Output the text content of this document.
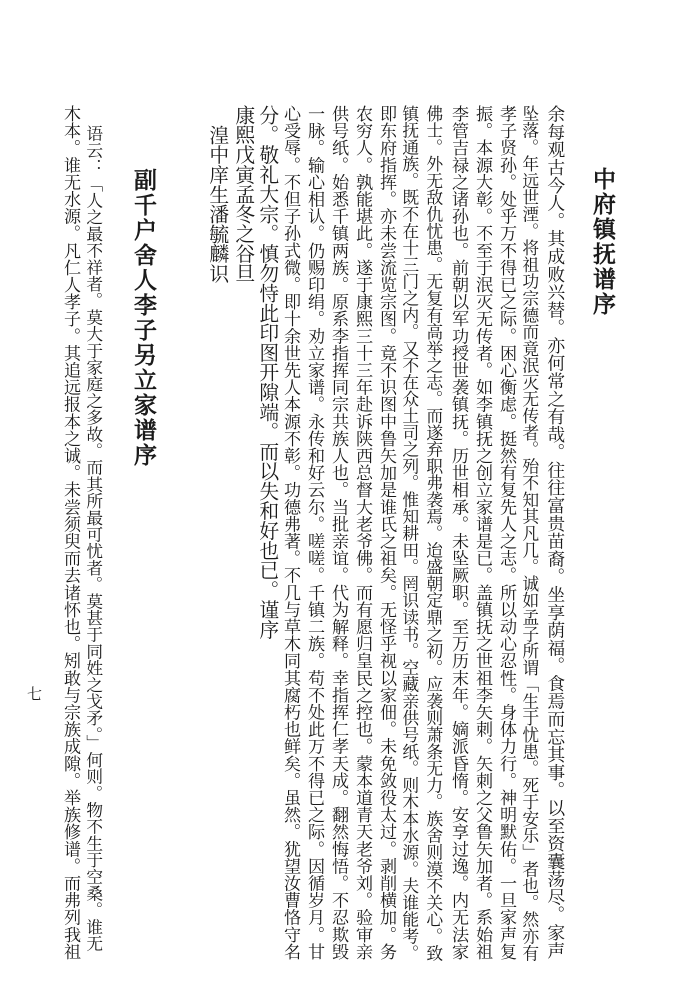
中府镇抚谱序
余每观古今人。其成败兴替。亦何常之有哉。往往富贵苗裔。坐享荫福。食焉而忘其事。以至资囊荡尽。家声
坠落。年远世湮。将祖功宗德而竟泯灭无传者。殆不知其凡几。诚如孟子所谓「生于忧患。死于安乐」者也。然亦有
孝子贤孙。处乎万不得已之际。困心衡虑。挺然有复先人之志。所以动心忍性。身体力行。神明默佑。一旦家声复
振。本源大彰。不至于泯灭无传者。如李镇抚之创立家谱是已。盖镇抚之世祖李矢刺。矢刺之父鲁矢加者。系始祖
李管吉禄之诸孙也。前朝以军功授世袭镇抚。历世相承。未坠厥职。至万历末年。嫡派昏惰。安享过逸。内无法家
佛士。外无敌仇忧患。无复有高举之志。而遂弃职弗袭焉。迨盛朝定鼎之初。应袭则萧条无力。族舍则漠不关心。致
镇抚通族。既不在十三门之内。又不在众土司之列。惟知耕田。罔识读书。空藏亲供号纸。则木本水源。夫谁能考。
即东府指挥。亦未尝流览宗图。竟不识图中鲁矢加是谁氏之祖矣。无怪乎视以家佃。未免敛役太过。剥削横加。务
农穷人。孰能堪此。遂于康熙三十三年赴诉陕西总督大老爷佛。而有愿归皇民之控也。蒙本道青天老爷刘。验审亲
供号纸。始悉千镇两族。原系李指挥同宗共族人也。当批亲谊。代为解释。幸指挥仁孝天成。翻然悔悟。不忍欺毁
一脉。输心相认。仍赐印绢。劝立家谱。永传和好云尔。嗟嗟。千镇二族。苟不处此万不得已之际。因循岁月。甘
心受辱。不但子孙式微。即十余世先人本源不彰。功德弗著。不几与草木同其腐朽也鲜矣。虽然。犹望汝曹恪守名
分。敬礼大宗。慎勿恃此印图开隙端。而以失和好也已。谨序
康熙戊寅孟冬之谷旦
湟中庠生潘毓麟识
副千户舍人李子另立家谱序
语云：「人之最不祥者。莫大于家庭之多故。而其所最可忧者。莫甚于同姓之戈矛。」何则。物不生于空桑。谁无
木本。谁无水源。凡仁人孝子。其追远报本之诚。未尝须臾而去诸怀也。矧敢与宗族成隙。举族修谱。而弗列我祖
七
